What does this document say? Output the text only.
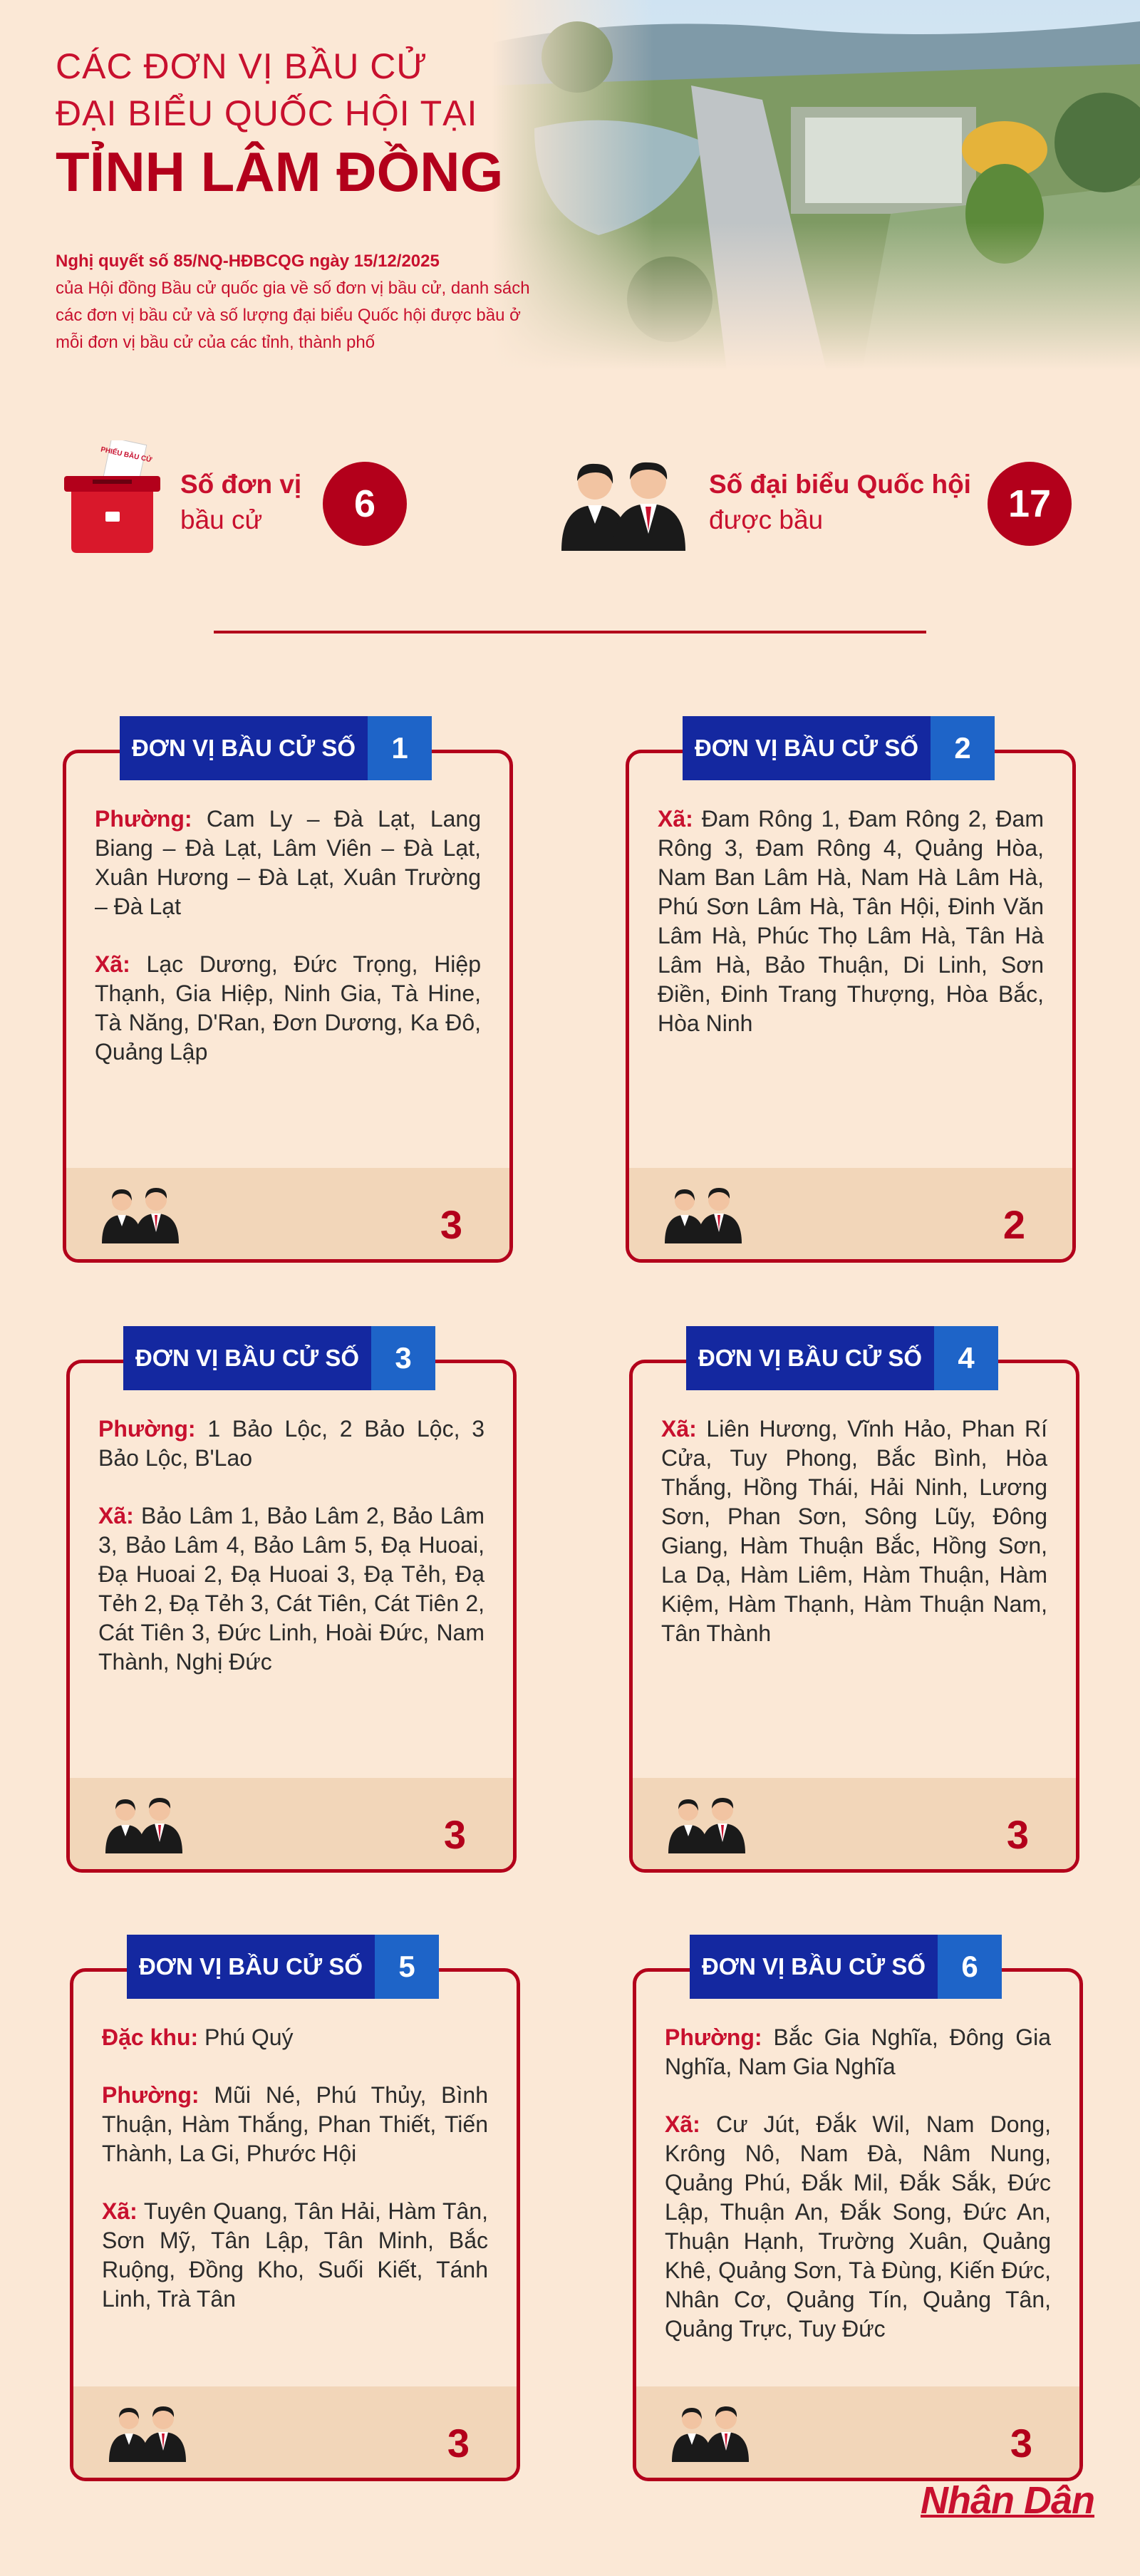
CÁC ĐƠN VỊ BẦU CỬ
ĐẠI BIỂU QUỐC HỘI TẠI
TỈNH LÂM ĐỒNG
Nghị quyết số 85/NQ-HĐBCQG ngày 15/12/2025
của Hội đồng Bầu cử quốc gia về số đơn vị bầu cử, danh sách các đơn vị bầu cử và số lượng đại biểu Quốc hội được bầu ở mỗi đơn vị bầu cử của các tỉnh, thành phố
PHIẾU BẦU CỬ
Số đơn vị
bầu cử	6	Số đại biểu Quốc hội
được bầu	17

Phường: Cam Ly – Đà Lạt, Lang Biang – Đà Lạt, Lâm Viên – Đà Lạt, Xuân Hương – Đà Lạt, Xuân Trường – Đà Lạt

Xã: Lạc Dương, Đức Trọng, Hiệp Thạnh, Gia Hiệp, Ninh Gia, Tà Hine, Tà Năng, D'Ran, Đơn Dương, Ka Đô, Quảng Lập

3
ĐƠN VỊ BẦU CỬ SỐ	1

Xã: Đam Rông 1, Đam Rông 2, Đam Rông 3, Đam Rông 4, Quảng Hòa, Nam Ban Lâm Hà, Nam Hà Lâm Hà, Phú Sơn Lâm Hà, Tân Hội, Đinh Văn Lâm Hà, Phúc Thọ Lâm Hà, Tân Hà Lâm Hà, Bảo Thuận, Di Linh, Sơn Điền, Đinh Trang Thượng, Hòa Bắc, Hòa Ninh

2
ĐƠN VỊ BẦU CỬ SỐ	2

Phường: 1 Bảo Lộc, 2 Bảo Lộc, 3 Bảo Lộc, B'Lao

Xã: Bảo Lâm 1, Bảo Lâm 2, Bảo Lâm 3, Bảo Lâm 4, Bảo Lâm 5, Đạ Huoai, Đạ Huoai 2, Đạ Huoai 3, Đạ Tẻh, Đạ Tẻh 2, Đạ Tẻh 3, Cát Tiên, Cát Tiên 2, Cát Tiên 3, Đức Linh, Hoài Đức, Nam Thành, Nghị Đức

3
ĐƠN VỊ BẦU CỬ SỐ	3

Xã: Liên Hương, Vĩnh Hảo, Phan Rí Cửa, Tuy Phong, Bắc Bình, Hòa Thắng, Hồng Thái, Hải Ninh, Lương Sơn, Phan Sơn, Sông Lũy, Đông Giang, Hàm Thuận Bắc, Hồng Sơn, La Dạ, Hàm Liêm, Hàm Thuận, Hàm Kiệm, Hàm Thạnh, Hàm Thuận Nam, Tân Thành

3
ĐƠN VỊ BẦU CỬ SỐ	4

Đặc khu: Phú Quý

Phường: Mũi Né, Phú Thủy, Bình Thuận, Hàm Thắng, Phan Thiết, Tiến Thành, La Gi, Phước Hội

Xã: Tuyên Quang, Tân Hải, Hàm Tân, Sơn Mỹ, Tân Lập, Tân Minh, Bắc Ruộng, Đồng Kho, Suối Kiết, Tánh Linh, Trà Tân

3
ĐƠN VỊ BẦU CỬ SỐ	5

Phường: Bắc Gia Nghĩa, Đông Gia Nghĩa, Nam Gia Nghĩa

Xã: Cư Jút, Đắk Wil, Nam Dong, Krông Nô, Nam Đà, Nâm Nung, Quảng Phú, Đắk Mil, Đắk Sắk, Đức Lập, Thuận An, Đắk Song, Đức An, Thuận Hạnh, Trường Xuân, Quảng Khê, Quảng Sơn, Tà Đùng, Kiến Đức, Nhân Cơ, Quảng Tín, Quảng Tân, Quảng Trực, Tuy Đức

3
ĐƠN VỊ BẦU CỬ SỐ	6
Nhân Dân
